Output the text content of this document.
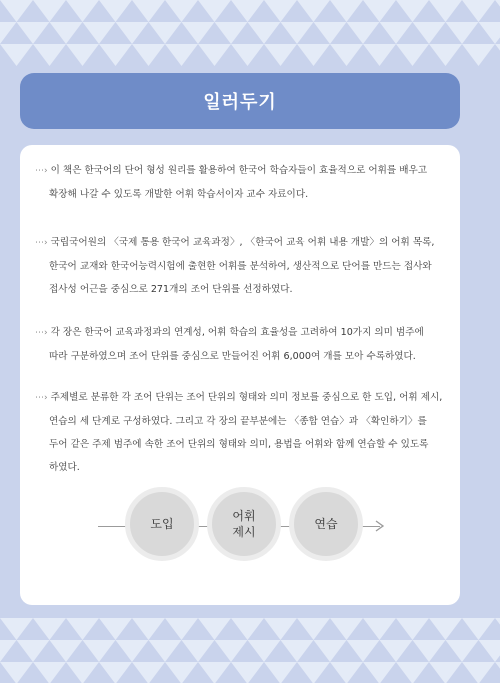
일러두기
⋯› 이 책은 한국어의 단어 형성 원리를 활용하여 한국어 학습자들이 효율적으로 어휘를 배우고
확장해 나갈 수 있도록 개발한 어휘 학습서이자 교수 자료이다.
⋯› 국립국어원의 〈국제 통용 한국어 교육과정〉, 〈한국어 교육 어휘 내용 개발〉의 어휘 목록,
한국어 교재와 한국어능력시험에 출현한 어휘를 분석하여, 생산적으로 단어를 만드는 접사와
접사성 어근을 중심으로 271개의 조어 단위를 선정하였다.
⋯› 각 장은 한국어 교육과정과의 연계성, 어휘 학습의 효율성을 고려하여 10가지 의미 범주에
따라 구분하였으며 조어 단위를 중심으로 만들어진 어휘 6,000여 개를 모아 수록하였다.
⋯› 주제별로 분류한 각 조어 단위는 조어 단위의 형태와 의미 정보를 중심으로 한 도입, 어휘 제시,
연습의 세 단계로 구성하였다. 그리고 각 장의 끝부분에는 〈종합 연습〉과 〈확인하기〉를
두어 같은 주제 범주에 속한 조어 단위의 형태와 의미, 용법을 어휘와 함께 연습할 수 있도록
하였다.
도입
어휘
제시
연습
